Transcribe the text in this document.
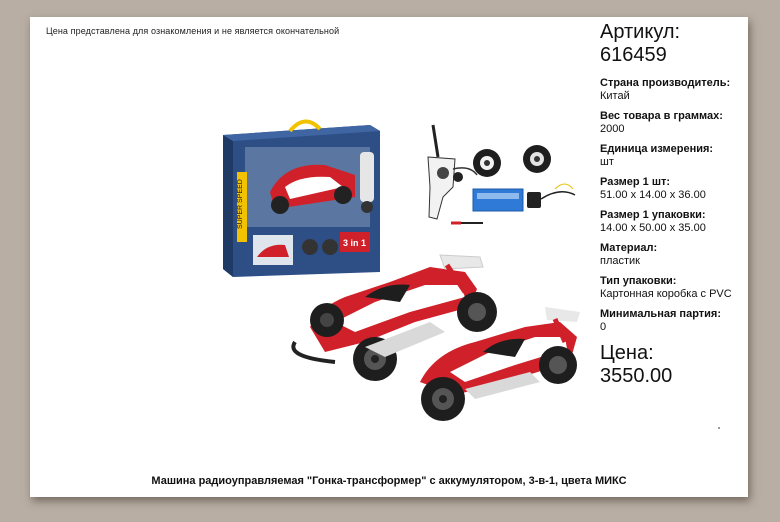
Цена представлена для ознакомления и не является окончательной
SUPER SPEED
3 in 1
Артикул:
616459
Страна производитель:
Китай
Вес товара в граммах:
2000
Единица измерения:
шт
Размер 1 шт:
51.00 x 14.00 x 36.00
Размер 1 упаковки:
14.00 x 50.00 x 35.00
Материал:
пластик
Тип упаковки:
Картонная коробка с PVC
Минимальная партия:
0
Цена:
3550.00
Машина радиоуправляемая "Гонка-трансформер" с аккумулятором, 3-в-1, цвета МИКС
